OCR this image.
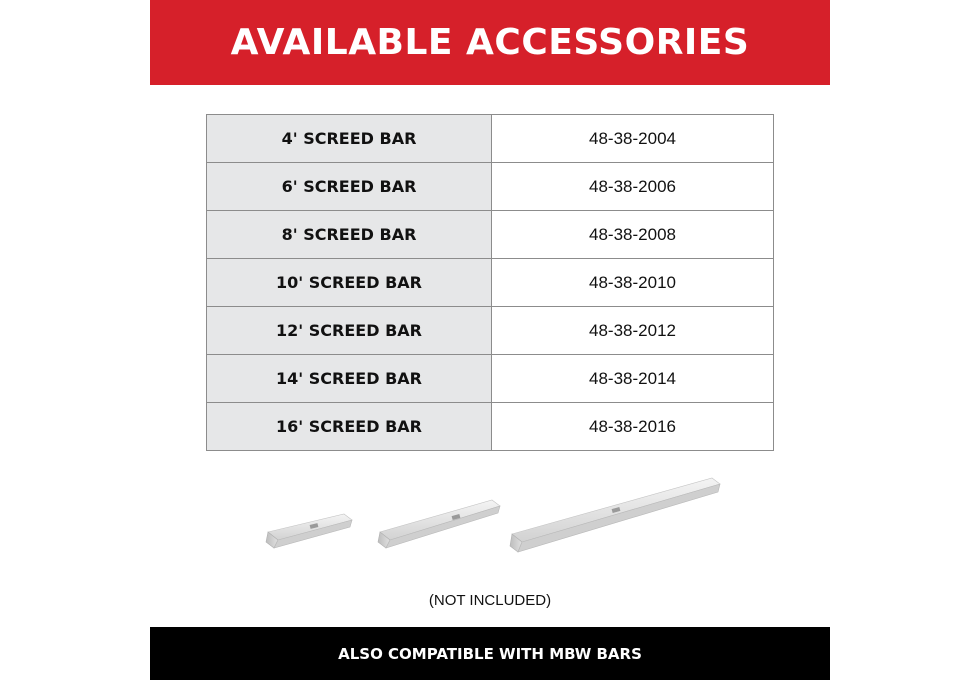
AVAILABLE ACCESSORIES
4' SCREED BAR	48-38-2004
6' SCREED BAR	48-38-2006
8' SCREED BAR	48-38-2008
10' SCREED BAR	48-38-2010
12' SCREED BAR	48-38-2012
14' SCREED BAR	48-38-2014
16' SCREED BAR	48-38-2016
(NOT INCLUDED)
ALSO COMPATIBLE WITH MBW BARS
